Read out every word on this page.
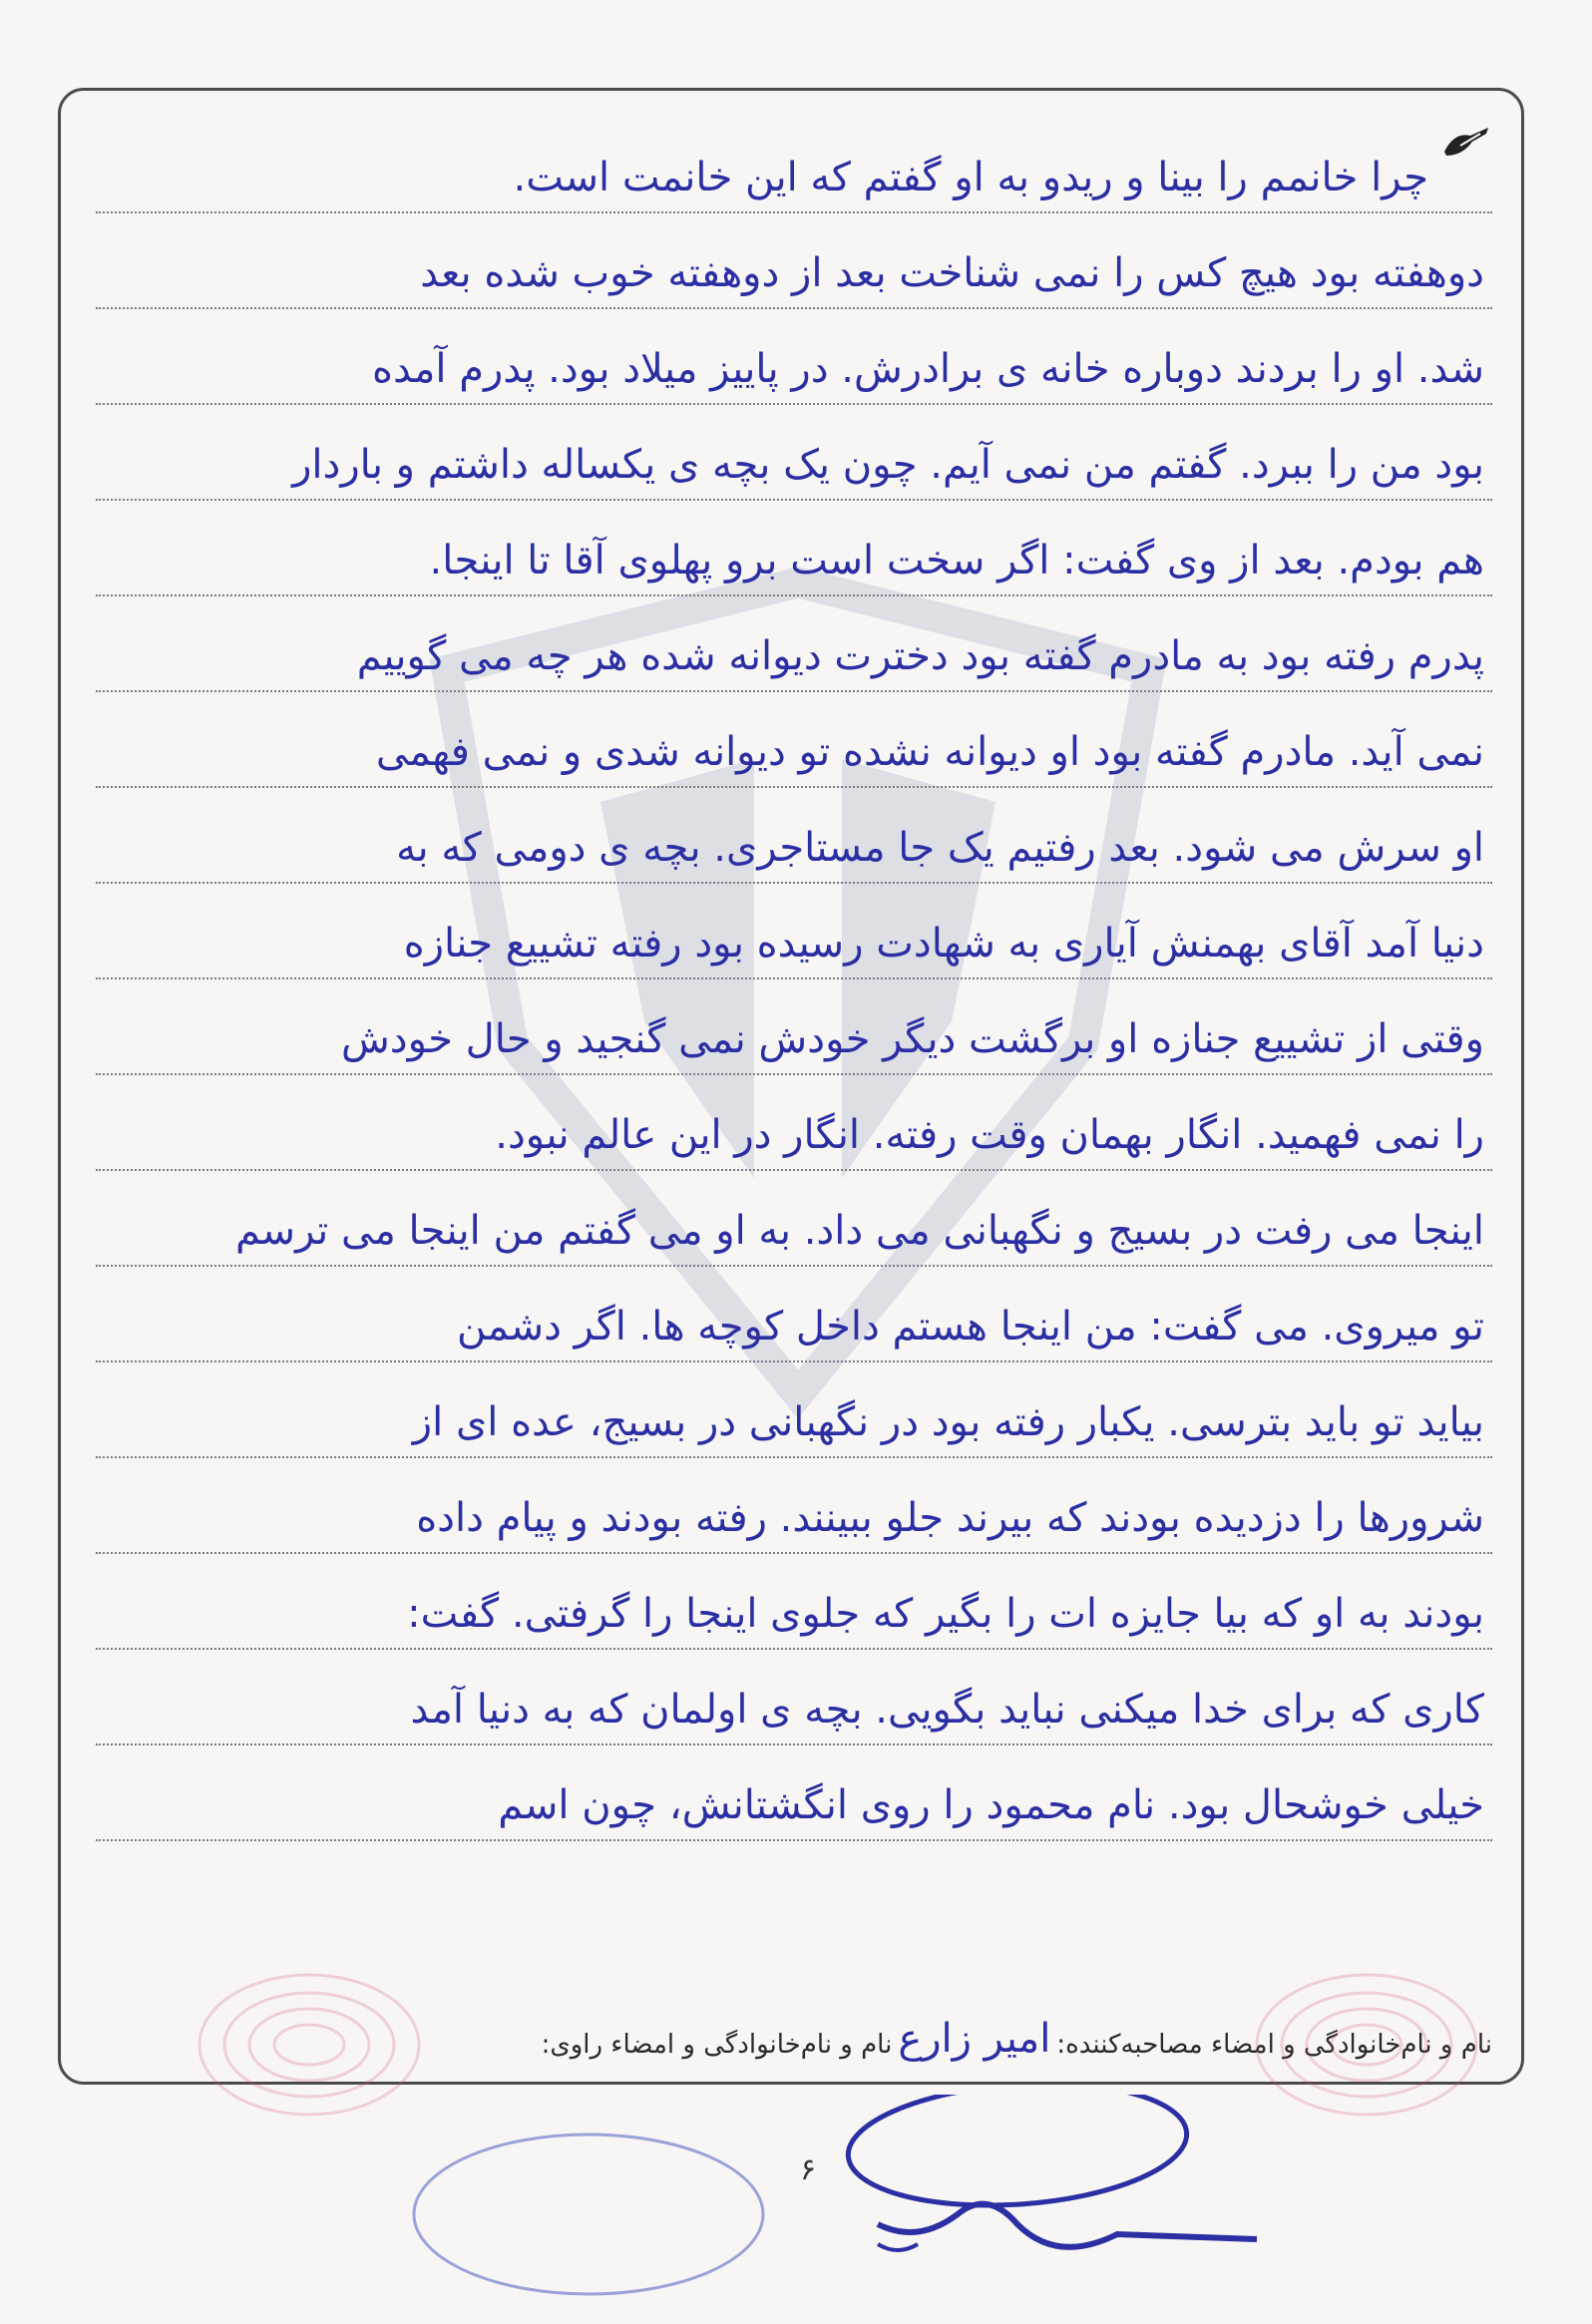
چرا خانمم را بینا و ریدو به او گفتم که این خانمت است.
دوهفته بود هیچ کس را نمی شناخت بعد از دوهفته خوب شده بعد
شد. او را بردند دوباره خانه ی برادرش. در پاییز میلاد بود. پدرم آمده
بود من را ببرد. گفتم من نمی آیم. چون یک بچه ی یکساله داشتم و باردار
هم بودم. بعد از وی گفت: اگر سخت است برو پهلوی آقا تا اینجا.
پدرم رفته بود به مادرم گفته بود دخترت دیوانه شده هر چه می گوییم
نمی آید. مادرم گفته بود او دیوانه نشده تو دیوانه شدی و نمی فهمی
او سرش می شود. بعد رفتیم یک جا مستاجری. بچه ی دومی که به
دنیا آمد آقای بهمنش آیاری به شهادت رسیده بود رفته تشییع جنازه
وقتی از تشییع جنازه او برگشت دیگر خودش نمی گنجید و حال خودش
را نمی فهمید. انگار بهمان وقت رفته. انگار در این عالم نبود.
اینجا می رفت در بسیج و نگهبانی می داد. به او می گفتم من اینجا می ترسم
تو میروی. می گفت: من اینجا هستم داخل کوچه ها. اگر دشمن
بیاید تو باید بترسی. یکبار رفته بود در نگهبانی در بسیج، عده ای از
شرورها را دزدیده بودند که بیرند جلو ببینند. رفته بودند و پیام داده
بودند به او که بیا جایزه ات را بگیر که جلوی اینجا را گرفتی. گفت:
کاری که برای خدا میکنی نباید بگویی. بچه ی اولمان که به دنیا آمد
خیلی خوشحال بود. نام محمود را روی انگشتانش، چون اسم
نام و نام‌خانوادگی و امضاء مصاحبه‌کننده:
امیر زارع
نام و نام‌خانوادگی و امضاء راوی:
۶
